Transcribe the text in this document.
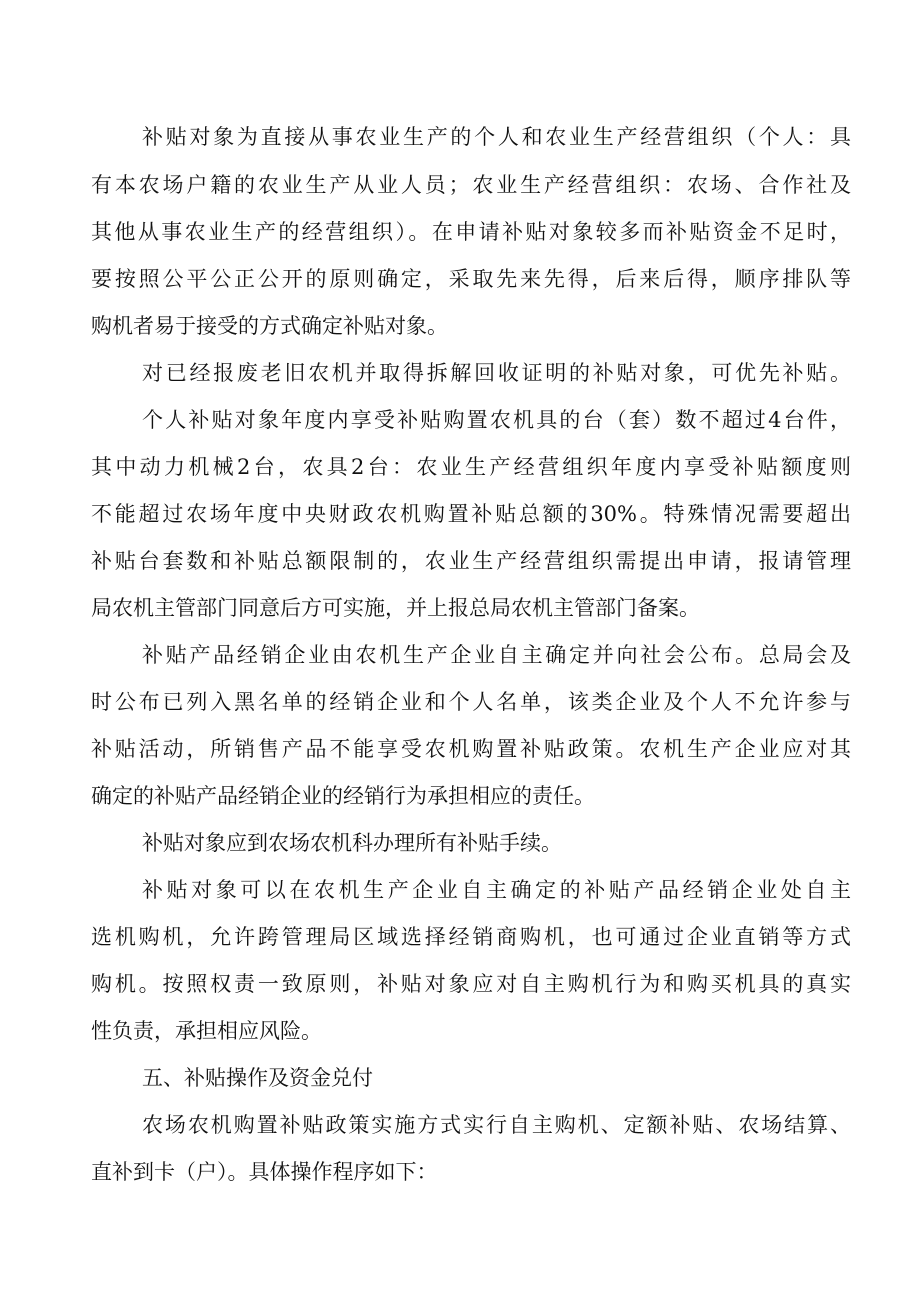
补贴对象为直接从事农业生产的个人和农业生产经营组织（个人：具
有本农场户籍的农业生产从业人员；农业生产经营组织：农场、合作社及
其他从事农业生产的经营组织）。在申请补贴对象较多而补贴资金不足时，
要按照公平公正公开的原则确定，采取先来先得，后来后得，顺序排队等
购机者易于接受的方式确定补贴对象。
对已经报废老旧农机并取得拆解回收证明的补贴对象，可优先补贴。
个人补贴对象年度内享受补贴购置农机具的台（套）数不超过4台件，
其中动力机械2台，农具2台：农业生产经营组织年度内享受补贴额度则
不能超过农场年度中央财政农机购置补贴总额的30%。特殊情况需要超出
补贴台套数和补贴总额限制的，农业生产经营组织需提出申请，报请管理
局农机主管部门同意后方可实施，并上报总局农机主管部门备案。
补贴产品经销企业由农机生产企业自主确定并向社会公布。总局会及
时公布已列入黑名单的经销企业和个人名单，该类企业及个人不允许参与
补贴活动，所销售产品不能享受农机购置补贴政策。农机生产企业应对其
确定的补贴产品经销企业的经销行为承担相应的责任。
补贴对象应到农场农机科办理所有补贴手续。
补贴对象可以在农机生产企业自主确定的补贴产品经销企业处自主
选机购机，允许跨管理局区域选择经销商购机，也可通过企业直销等方式
购机。按照权责一致原则，补贴对象应对自主购机行为和购买机具的真实
性负责，承担相应风险。
五、补贴操作及资金兑付
农场农机购置补贴政策实施方式实行自主购机、定额补贴、农场结算、
直补到卡（户）。具体操作程序如下：
